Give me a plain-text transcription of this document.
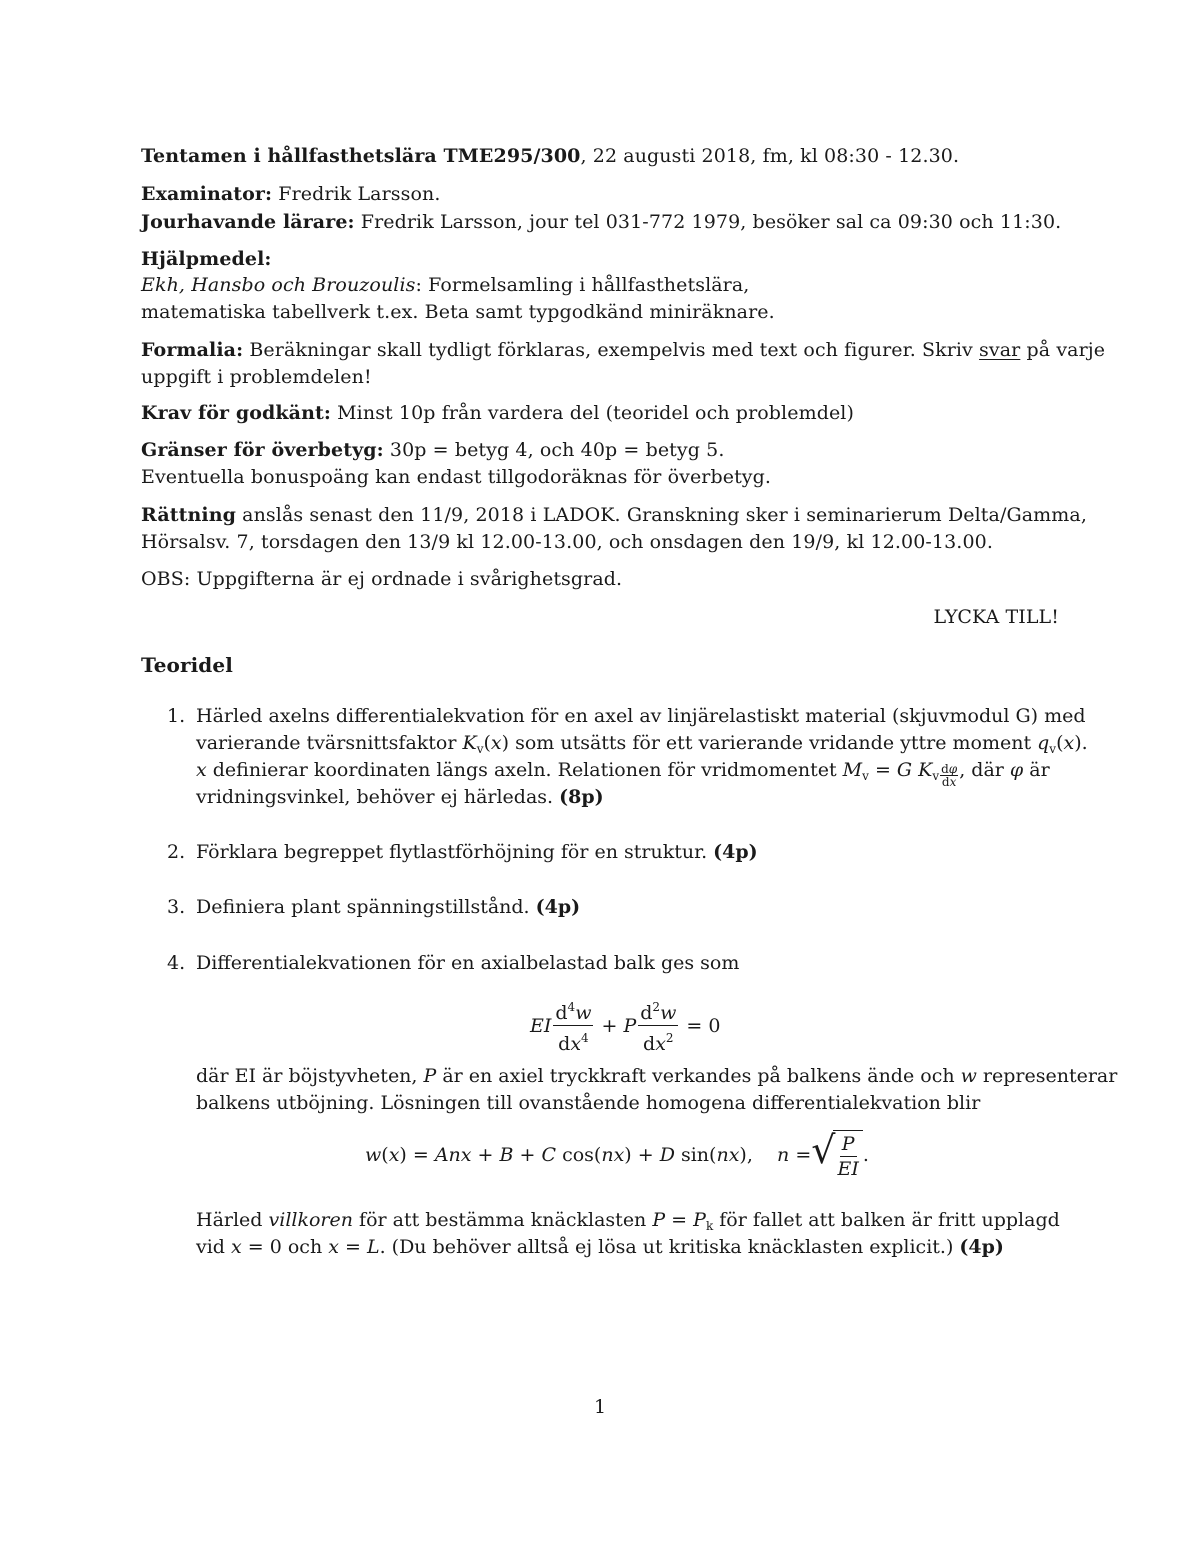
Tentamen i hållfasthetslära TME295/300, 22 augusti 2018, fm, kl 08:30 - 12.30.
Examinator: Fredrik Larsson.
Jourhavande lärare: Fredrik Larsson, jour tel 031-772 1979, besöker sal ca 09:30 och 11:30.
Hjälpmedel:
Ekh, Hansbo och Brouzoulis: Formelsamling i hållfasthetslära,
matematiska tabellverk t.ex. Beta samt typgodkänd miniräknare.
Formalia: Beräkningar skall tydligt förklaras, exempelvis med text och figurer. Skriv svar på varje
uppgift i problemdelen!
Krav för godkänt: Minst 10p från vardera del (teoridel och problemdel)
Gränser för överbetyg: 30p = betyg 4, och 40p = betyg 5.
Eventuella bonuspoäng kan endast tillgodoräknas för överbetyg.
Rättning anslås senast den 11/9, 2018 i LADOK. Granskning sker i seminarierum Delta/Gamma,
Hörsalsv. 7, torsdagen den 13/9 kl 12.00-13.00, och onsdagen den 19/9, kl 12.00-13.00.
OBS: Uppgifterna är ej ordnade i svårighetsgrad.
LYCKA TILL!
Teoridel
1. Härled axelns differentialekvation för en axel av linjärelastiskt material (skjuvmodul G) med
varierande tvärsnittsfaktor $K_v(x)$ som utsätts för ett varierande vridande yttre moment $q_v(x)$.
x definierar koordinaten längs axeln. Relationen för vridmomentet $M_v = G$ $K_v \frac{d\varphi}{dx}$ , där φ är
vridningsvinkel, behöver ej härledas. (8p)
2. Förklara begreppet flytlastförhöjning för en struktur. (4p)
3. Definiera plant spänningstillstånd. (4p)
4. Differentialekvationen för en axialbelastad balk ges som
EI $\frac{d^4w}{dx^4} + P \frac{d^2w}{dx^2} = 0$
där EI är böjstyvheten, P är en axiel tryckkraft verkandes på balkens ände och w representerar
balkens utböjning. Lösningen till ovanstående homogena differentialekvation blir
w(x) = Anx + B + C cos(nx) + D sin(nx),    n = √ $\frac{P}{EI}$ .
Härled villkoren för att bestämma knäcklasten $P = P_k$ för fallet att balken är fritt upplagd
vid x = 0 och x = L. (Du behöver alltså ej lösa ut kritiska knäcklasten explicit.) (4p)
1
